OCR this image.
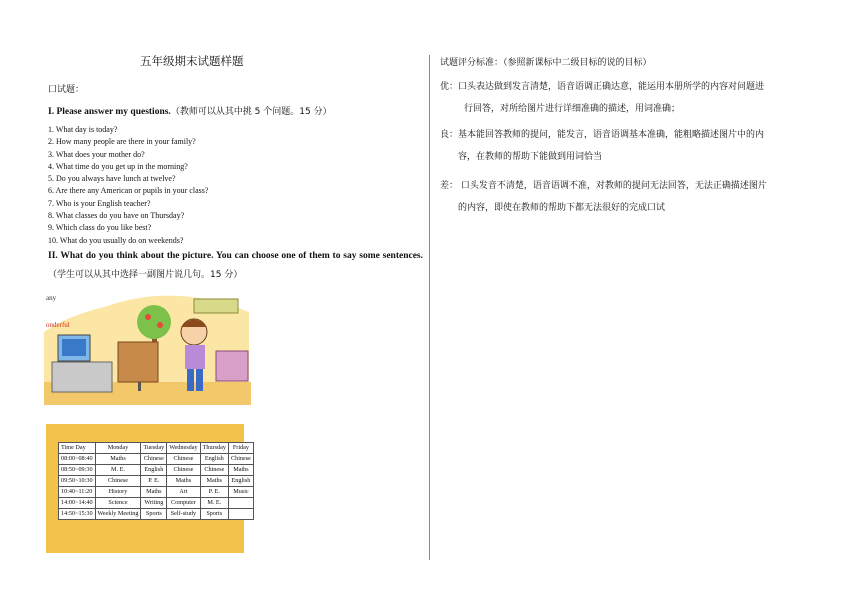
五年级期末试题样题
口试题：
I. Please answer my questions.（教师可以从其中挑 5 个问题。15 分）
1. What day is today?
2. How many people are there in your family?
3. What does your mother do?
4. What time do you get up in the morning?
5. Do you always have lunch at twelve?
6. Are there any American or pupils in your class?
7. Who is your English teacher?
8. What classes do you have on Thursday?
9. Which class do you like best?
10. What do you usually do on weekends?
II. What do you think about the picture. You can choose one of them to say some sentences.（学生可以从其中选择一副图片说几句。15 分）
any
onderful
Time Day	Monday	Tuesday	Wednesday	Thursday	Friday
08:00~08:40	Maths	Chinese	Chinese	English	Chinese
08:50~09:30	M. E.	English	Chinese	Chinese	Maths
09:50~10:30	Chinese	P. E.	Maths	Maths	English
10:40~11:20	History	Maths	Art	P. E.	Music
14:00~14:40	Science	Writing	Computer	M. E.	
14:50~15:30	Weekly Meeting	Sports	Self-study	Sports	
试题评分标准：（参照新课标中二级目标的说的目标）
优：口头表达做到发言清楚，语音语调正确达意，能运用本册所学的内容对问题进
行回答，对所给图片进行详细准确的描述，用词准确；
良：基本能回答教师的提问，能发言，语音语调基本准确，能粗略描述图片中的内
容，在教师的帮助下能做到用词恰当
差： 口头发音不清楚，语音语调不准，对教师的提问无法回答，无法正确描述图片
的内容，即使在教师的帮助下都无法很好的完成口试
